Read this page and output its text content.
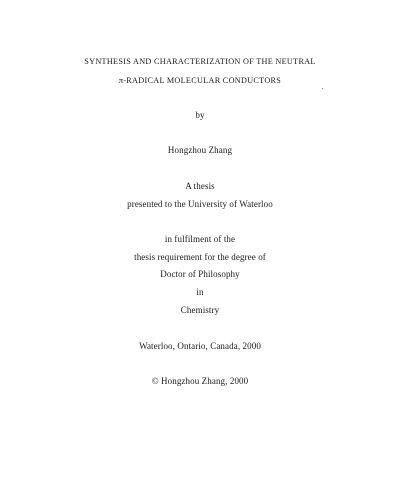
SYNTHESIS AND CHARACTERIZATION OF THE NEUTRAL
π-RADICAL MOLECULAR CONDUCTORS
by
Hongzhou Zhang
A thesis
presented to the University of Waterloo
in fulfilment of the
thesis requirement for the degree of
Doctor of Philosophy
in
Chemistry
Waterloo, Ontario, Canada, 2000
© Hongzhou Zhang, 2000
